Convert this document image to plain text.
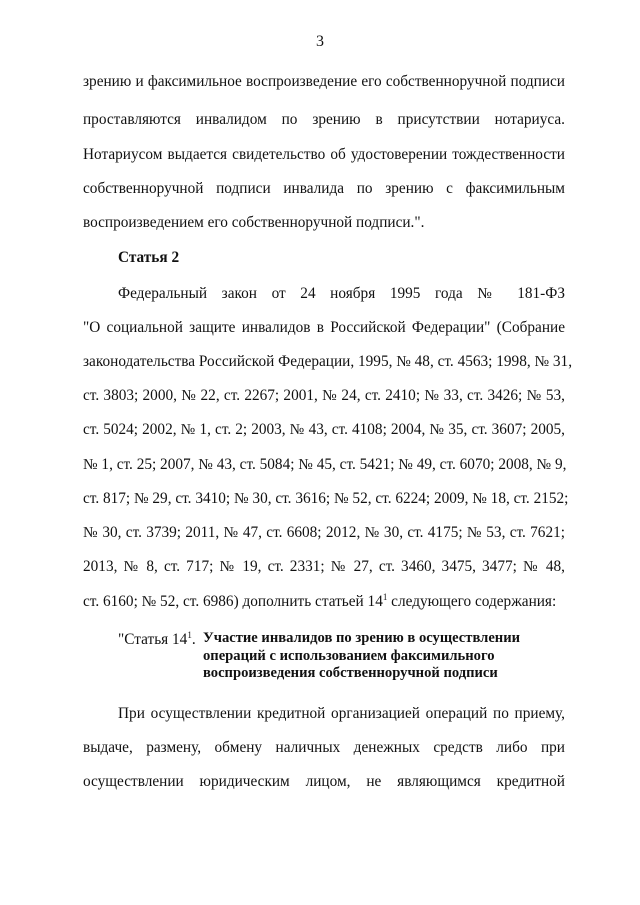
3
зрению и факсимильное воспроизведение его собственноручной подписи
проставляются инвалидом по зрению в присутствии нотариуса.
Нотариусом выдается свидетельство об удостоверении тождественности
собственноручной подписи инвалида по зрению с факсимильным
воспроизведением его собственноручной подписи.".
Статья 2
Федеральный закон от 24 ноября 1995 года № 181-ФЗ
"О социальной защите инвалидов в Российской Федерации" (Собрание
законодательства Российской Федерации, 1995, № 48, ст. 4563; 1998, № 31,
ст. 3803; 2000, № 22, ст. 2267; 2001, № 24, ст. 2410; № 33, ст. 3426; № 53,
ст. 5024; 2002, № 1, ст. 2; 2003, № 43, ст. 4108; 2004, № 35, ст. 3607; 2005,
№ 1, ст. 25; 2007, № 43, ст. 5084; № 45, ст. 5421; № 49, ст. 6070; 2008, № 9,
ст. 817; № 29, ст. 3410; № 30, ст. 3616; № 52, ст. 6224; 2009, № 18, ст. 2152;
№ 30, ст. 3739; 2011, № 47, ст. 6608; 2012, № 30, ст. 4175; № 53, ст. 7621;
2013, № 8, ст. 717; № 19, ст. 2331; № 27, ст. 3460, 3475, 3477; № 48,
ст. 6160; № 52, ст. 6986) дополнить статьей $14^1$ следующего содержания:
"Статья $14^1$. Участие инвалидов по зрению в осуществлении
операций с использованием факсимильного
воспроизведения собственноручной подписи
При осуществлении кредитной организацией операций по приему,
выдаче, размену, обмену наличных денежных средств либо при
осуществлении юридическим лицом, не являющимся кредитной
